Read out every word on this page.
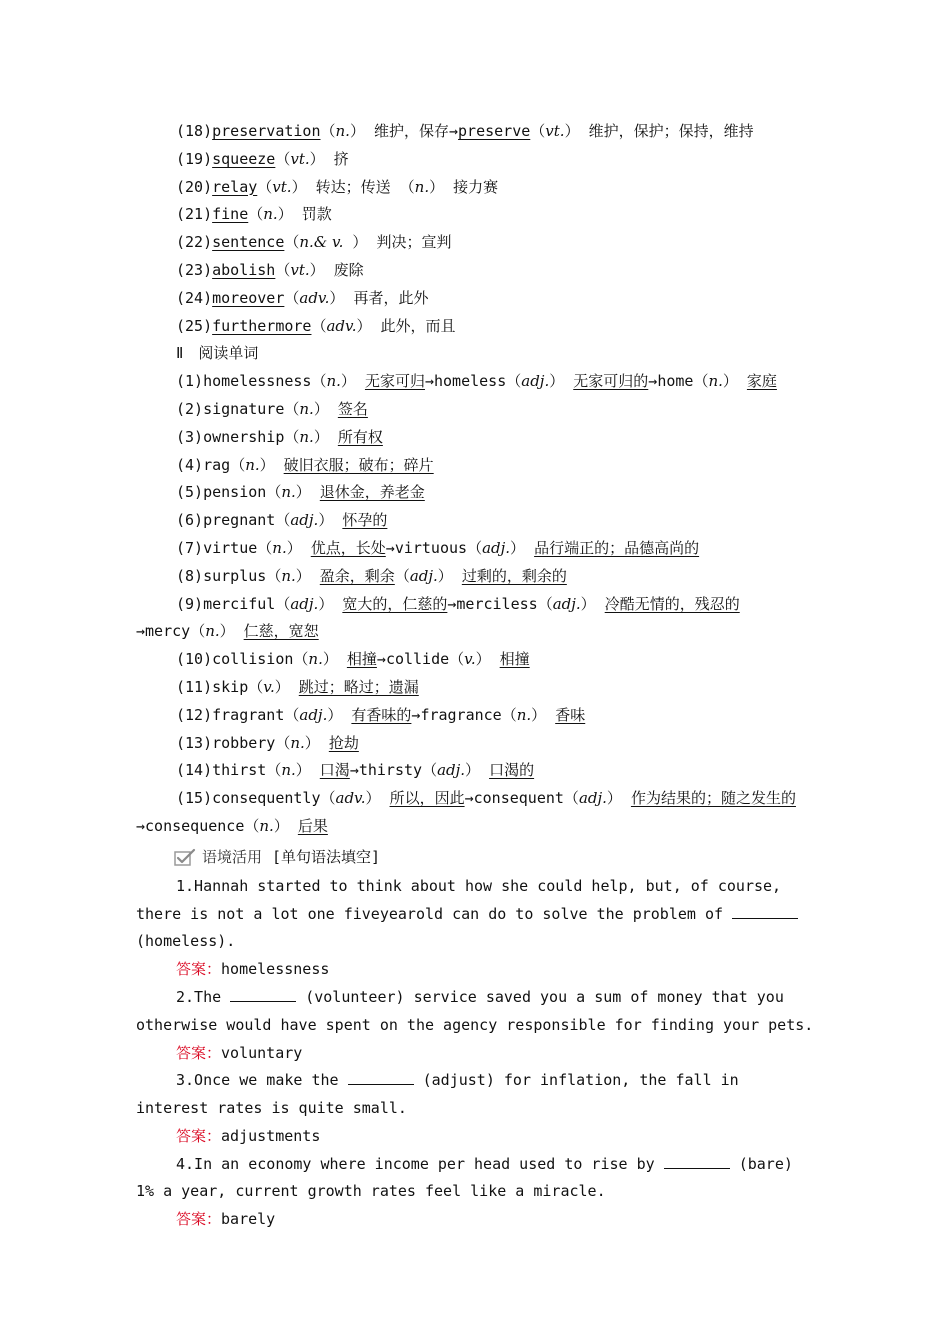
(18)preservation（n.） 维护，保存→preserve（vt.） 维护，保护；保持，维持
(19)squeeze（vt.） 挤
(20)relay（vt.） 转达；传送 （n.） 接力赛
(21)fine（n.） 罚款
(22)sentence（n.& v. ） 判决；宣判
(23)abolish（vt.） 废除
(24)moreover（adv.） 再者，此外
(25)furthermore（adv.） 此外，而且
Ⅱ　阅读单词
(1)homelessness（n.） 无家可归→homeless（adj.） 无家可归的→home（n.） 家庭
(2)signature（n.） 签名
(3)ownership（n.） 所有权
(4)rag（n.） 破旧衣服；破布；碎片
(5)pension（n.） 退休金，养老金
(6)pregnant（adj.） 怀孕的
(7)virtue（n.） 优点，长处→virtuous（adj.） 品行端正的；品德高尚的
(8)surplus（n.） 盈余，剩余（adj.） 过剩的，剩余的
(9)merciful（adj.） 宽大的，仁慈的→merciless（adj.） 冷酷无情的，残忍的
→mercy（n.） 仁慈，宽恕
(10)collision（n.） 相撞→collide（v.） 相撞
(11)skip（v.） 跳过；略过；遗漏
(12)fragrant（adj.） 有香味的→fragrance（n.） 香味
(13)robbery（n.） 抢劫
(14)thirst（n.） 口渴→thirsty（adj.） 口渴的
(15)consequently（adv.） 所以，因此→consequent（adj.） 作为结果的；随之发生的
→consequence（n.） 后果
语境活用 [单句语法填空]
1.Hannah started to think about how she could help, but, of course, there is not a lot one fiveyearold can do to solve the problem of  (homeless).
答案：homelessness
2.The	(volunteer) service saved you a sum of money that you otherwise would have spent on the agency responsible for finding your pets.
答案：voluntary
3.Once we make the	(adjust) for inflation, the fall in interest rates is quite small.
答案：adjustments
4.In an economy where income per head used to rise by	(bare) 1% a year, current growth rates feel like a miracle.
答案：barely
